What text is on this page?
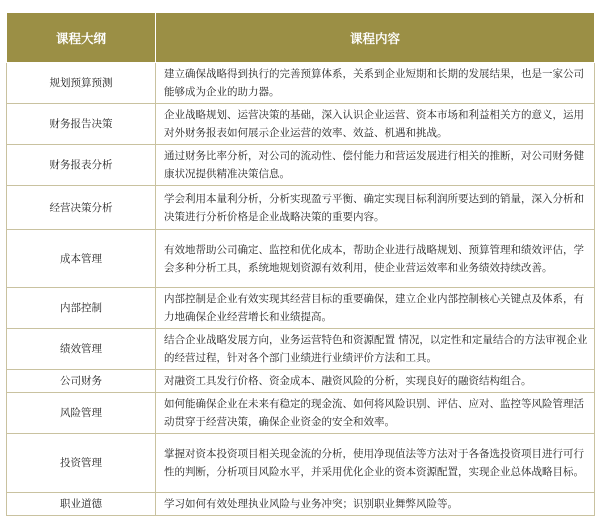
课程大纲	课程内容
规划预算预测	建立确保战略得到执行的完善预算体系，关系到企业短期和长期的发展结果，也是一家公司能够成为企业的助力器。
财务报告决策	企业战略规划、运营决策的基础，深入认识企业运营、资本市场和利益相关方的意义，运用对外财务报表如何展示企业运营的效率、效益、机遇和挑战。
财务报表分析	通过财务比率分析，对公司的流动性、偿付能力和营运发展进行相关的推断，对公司财务健康状况提供精准决策信息。
经营决策分析	学会利用本量利分析，分析实现盈亏平衡、确定实现目标利润所要达到的销量，深入分析和决策进行分析价格是企业战略决策的重要内容。
成本管理	有效地帮助公司确定、监控和优化成本，帮助企业进行战略规划、预算管理和绩效评估，学会多种分析工具，系统地规划资源有效利用，使企业营运效率和业务绩效持续改善。
内部控制	内部控制是企业有效实现其经营目标的重要确保，建立企业内部控制核心关键点及体系，有力地确保企业经营增长和业绩提高。
绩效管理	结合企业战略发展方向，业务运营特色和资源配置 情况，以定性和定量结合的方法审视企业的经营过程，针对各个部门业绩进行业绩评价方法和工具。
公司财务	对融资工具发行价格、资金成本、融资风险的分析，实现良好的融资结构组合。
风险管理	如何能确保企业在未来有稳定的现金流、如何将风险识别、评估、应对、监控等风险管理活动贯穿于经营决策，确保企业资金的安全和效率。
投资管理	掌握对资本投资项目相关现金流的分析，使用净现值法等方法对于各备选投资项目进行可行性的判断，分析项目风险水平，并采用优化企业的资本资源配置，实现企业总体战略目标。
职业道德	学习如何有效处理执业风险与业务冲突；识别职业舞弊风险等。
